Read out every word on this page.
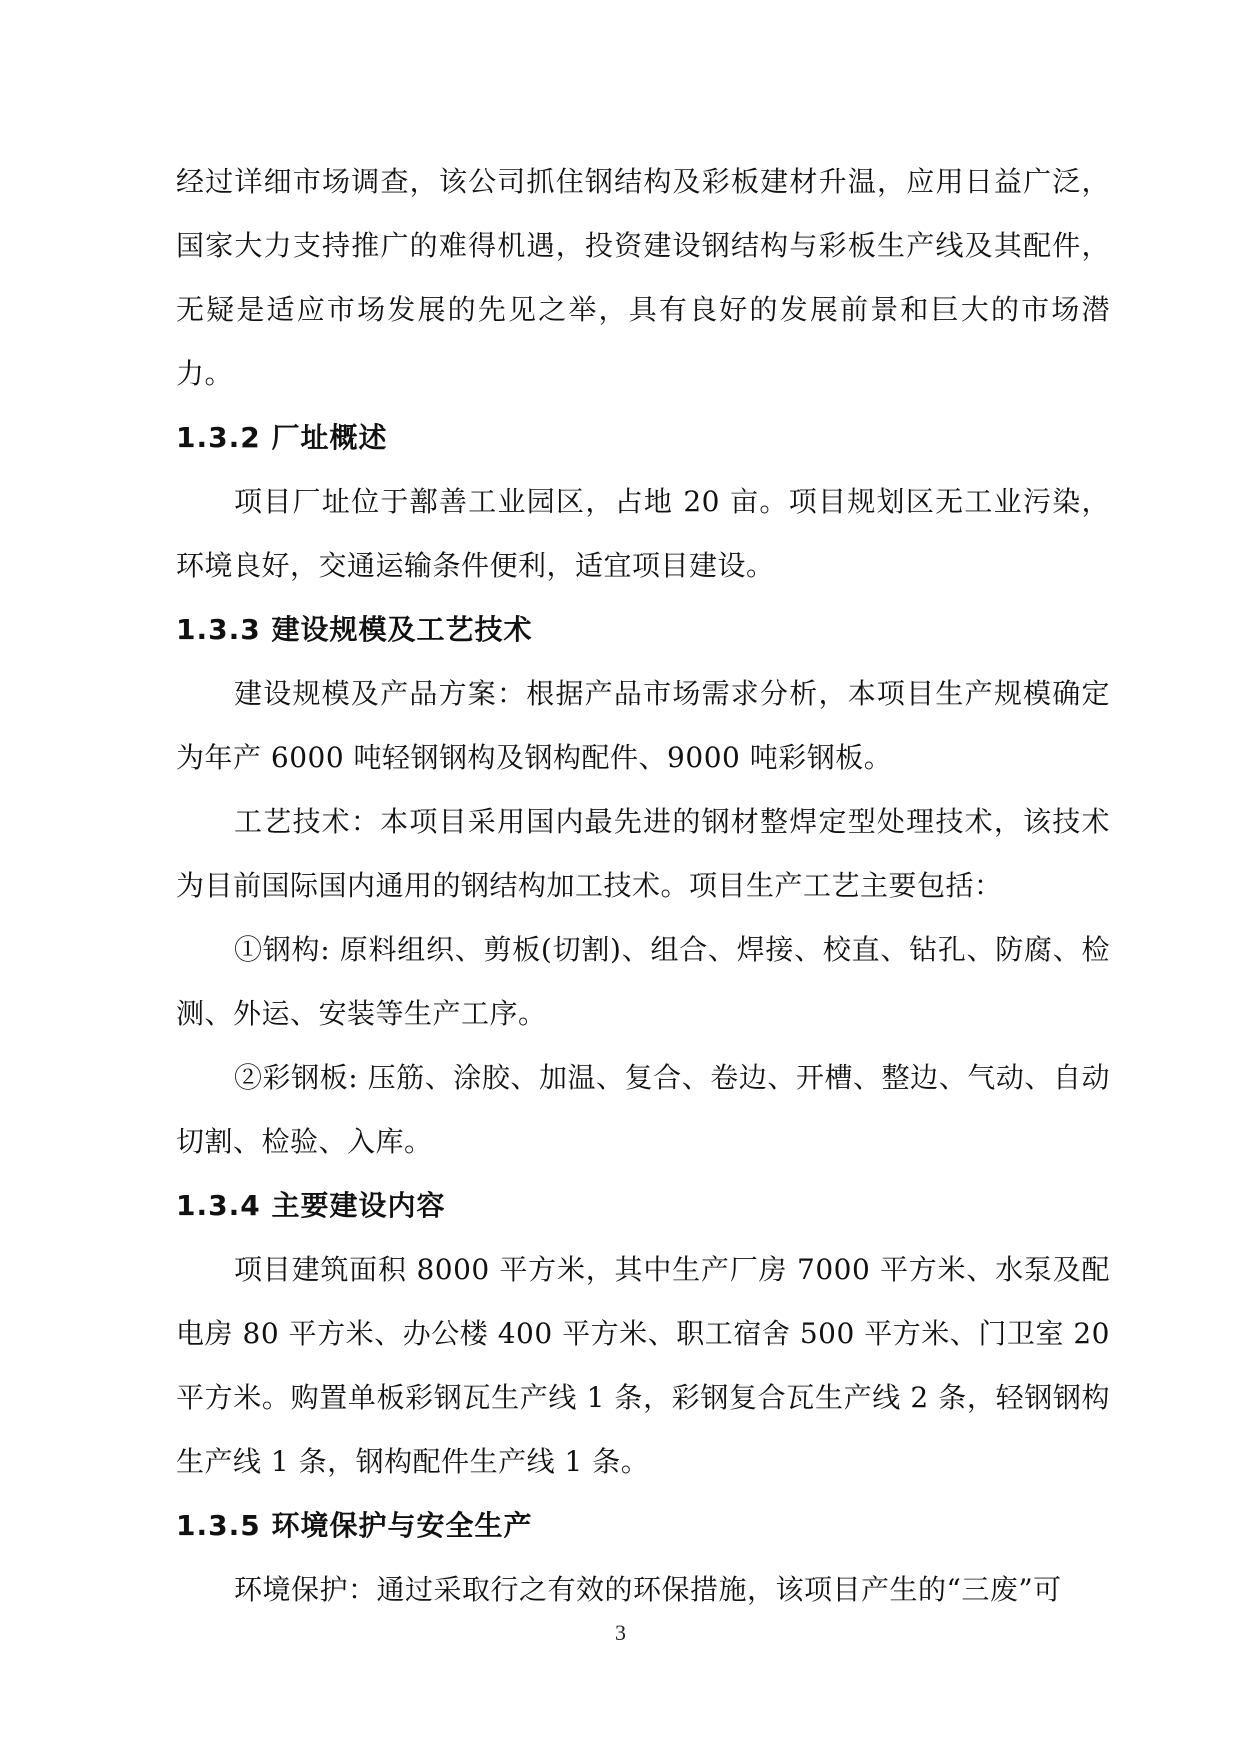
经过详细市场调查，该公司抓住钢结构及彩板建材升温，应用日益广泛，国家大力支持推广的难得机遇，投资建设钢结构与彩板生产线及其配件，无疑是适应市场发展的先见之举，具有良好的发展前景和巨大的市场潜力。

1.3.2 厂址概述

项目厂址位于鄯善工业园区，占地 20 亩。项目规划区无工业污染，环境良好，交通运输条件便利，适宜项目建设。

1.3.3 建设规模及工艺技术

建设规模及产品方案：根据产品市场需求分析，本项目生产规模确定为年产 6000 吨轻钢钢构及钢构配件、9000 吨彩钢板。

工艺技术：本项目采用国内最先进的钢材整焊定型处理技术，该技术为目前国际国内通用的钢结构加工技术。项目生产工艺主要包括：

①钢构: 原料组织、剪板(切割)、组合、焊接、校直、钻孔、防腐、检测、外运、安装等生产工序。

②彩钢板: 压筋、涂胶、加温、复合、卷边、开槽、整边、气动、自动切割、检验、入库。

1.3.4 主要建设内容

项目建筑面积 8000 平方米，其中生产厂房 7000 平方米、水泵及配电房 80 平方米、办公楼 400 平方米、职工宿舍 500 平方米、门卫室 20 平方米。购置单板彩钢瓦生产线 1 条，彩钢复合瓦生产线 2 条，轻钢钢构生产线 1 条，钢构配件生产线 1 条。

1.3.5 环境保护与安全生产

环境保护：通过采取行之有效的环保措施，该项目产生的“三废”可

3
